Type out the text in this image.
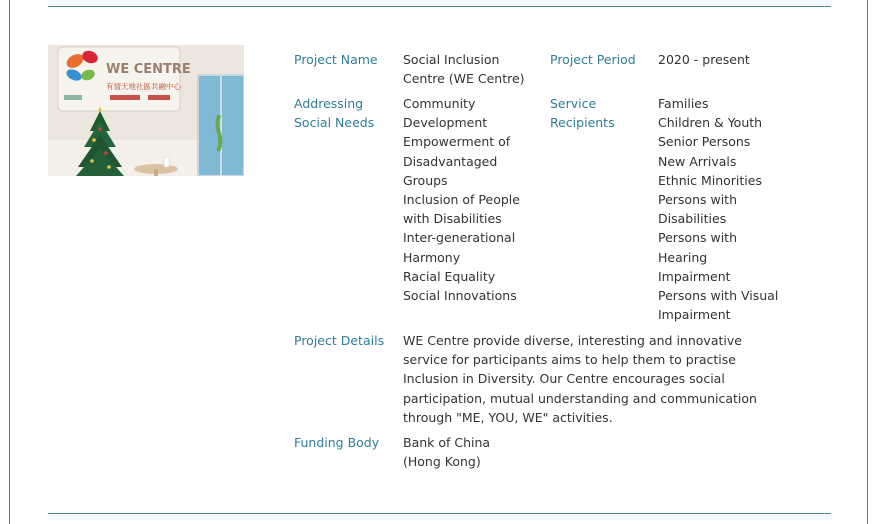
WE CENTRE
有情天地社區共融中心
Project Name Social Inclusion
Centre (WE Centre)
Project Period 2020 - present
Addressing
Social Needs
Community
Development
Empowerment of
Disadvantaged
Groups
Inclusion of People
with Disabilities
Inter-generational
Harmony
Racial Equality
Social Innovations
Service
Recipients
Families
Children & Youth
Senior Persons
New Arrivals
Ethnic Minorities
Persons with
Disabilities
Persons with
Hearing
Impairment
Persons with Visual
Impairment
Project Details WE Centre provide diverse, interesting and innovative
service for participants aims to help them to practise
Inclusion in Diversity. Our Centre encourages social
participation, mutual understanding and communication
through "ME, YOU, WE" activities.
Funding Body Bank of China
(Hong Kong)
